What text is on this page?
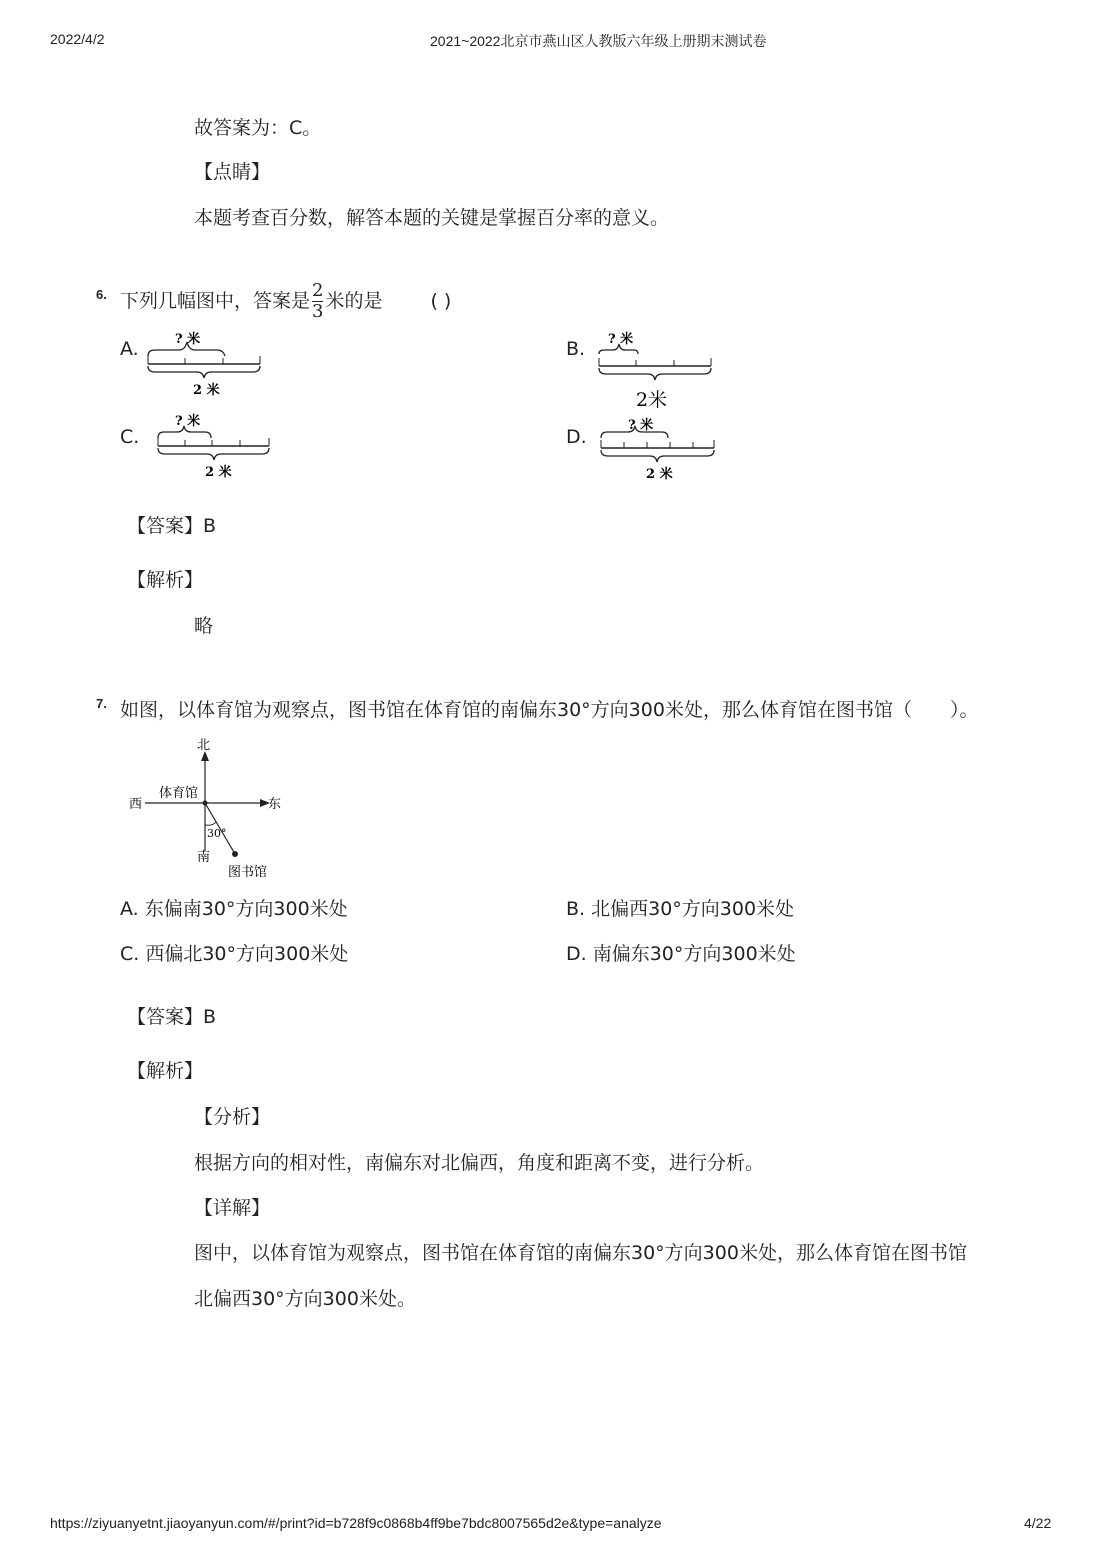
2022/4/2	2021~2022北京市燕山区人教版六年级上册期末测试卷
故答案为：C。
【点睛】
本题考查百分数，解答本题的关键是掌握百分率的意义。
6. 下列几幅图中，答案是 $\frac{2}{3}$ 米的是	( )
A.	? 米
2 米
B. ? 米
2米
C.
? 米
2 米
D.
? 米
2 米
【答案】B
【解析】
略
7. 如图，以体育馆为观察点，图书馆在体育馆的南偏东30°方向300米处，那么体育馆在图书馆（　　）。
北
南
东
西
体育馆
图书馆
30°
A. 东偏南30°方向300米处	B. 北偏西30°方向300米处
C. 西偏北30°方向300米处	D. 南偏东30°方向300米处
【答案】B
【解析】
【分析】
根据方向的相对性，南偏东对北偏西，角度和距离不变，进行分析。
【详解】
图中，以体育馆为观察点，图书馆在体育馆的南偏东30°方向300米处，那么体育馆在图书馆
北偏西30°方向300米处。
https://ziyuanyetnt.jiaoyanyun.com/#/print?id=b728f9c0868b4ff9be7bdc8007565d2e&type=analyze	4/22
